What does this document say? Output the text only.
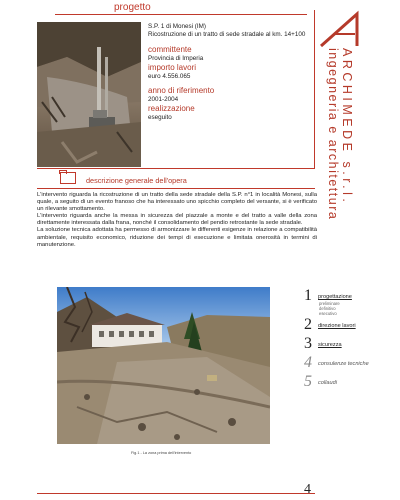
progetto
S.P. 1 di Monesi (IM)
Ricostruzione di un tratto di sede stradale al km. 14+100
committente
Provincia di Imperia
importo lavori
euro 4.556.065
anno di riferimento
2001-2004
realizzazione
eseguito	ARCHIMEDE s.r.l.
ingegneria e architettura
descrizione generale dell'opera

L'intervento riguarda la ricostruzione di un tratto della sede stradale della S.P. n°1 in località Monesi, sulla quale, a seguito di un evento franoso che ha interessato uno spicchio completo del versante, si è verificato un rilevante smottamento.

L'intervento riguarda anche la messa in sicurezza del piazzale a monte e del tratto a valle della zona direttamente interessata dalla frana, nonché il consolidamento del pendio retrostante la sede stradale.

La soluzione tecnica adottata ha permesso di armonizzare le differenti esigenze in relazione a compatibilità ambientale, requisito economico, riduzione dei tempi di esecuzione e limitata onerosità in termini di manutenzione.

Fig.1 - La zona prima dell'intervento
1 progettazione
preliminare definitivo esecutivo
2 direzione lavori
3 sicurezza
4 consulenze tecniche
5 collaudi
4
